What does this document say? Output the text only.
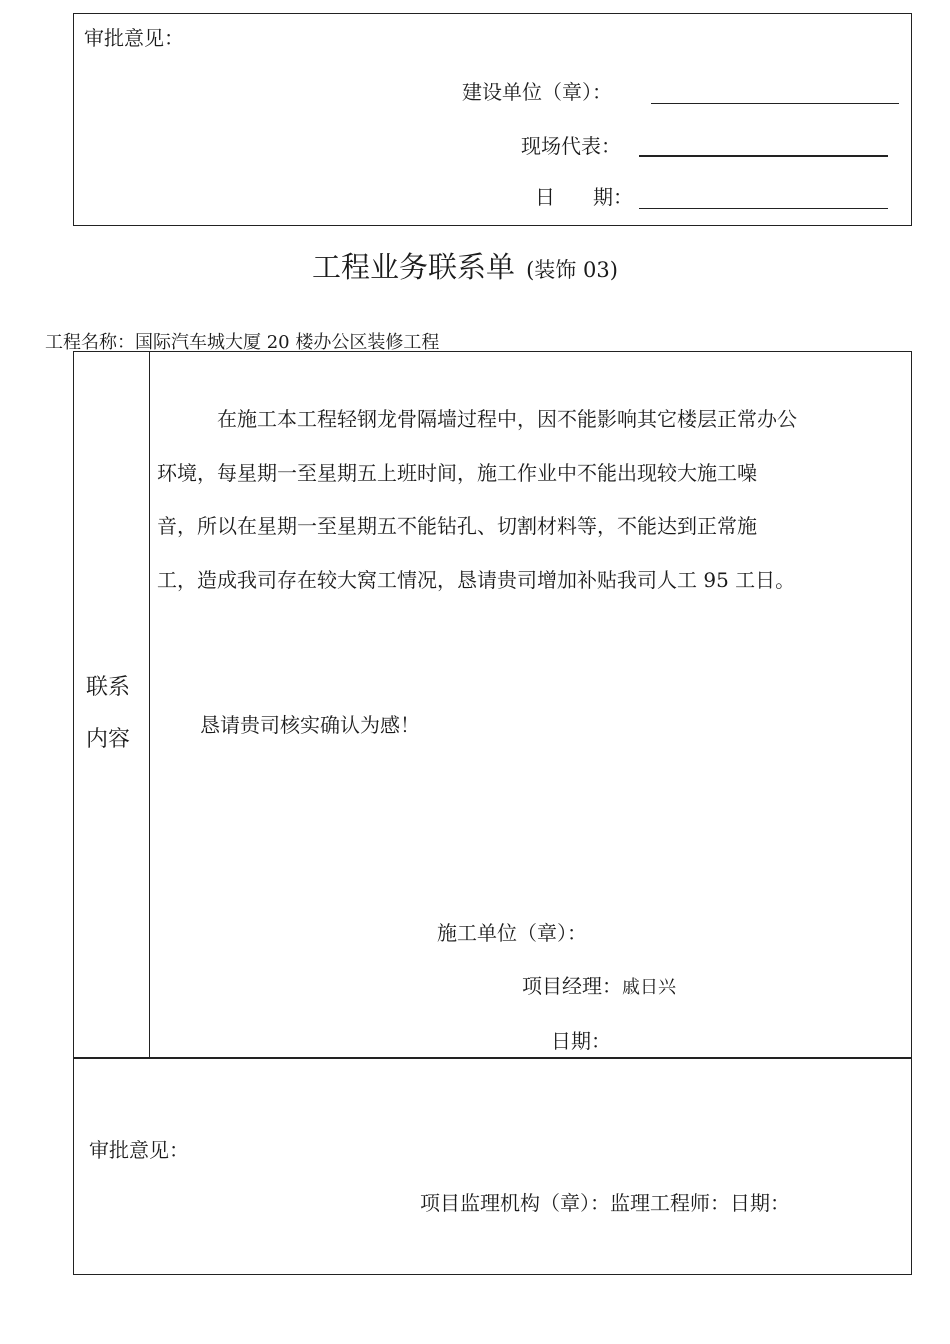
审批意见：
建设单位（章）：
现场代表：
日 期：
工程业务联系单 (装饰 03)
工程名称：国际汽车城大厦 20 楼办公区装修工程
联系
内容
在施工本工程轻钢龙骨隔墙过程中，因不能影响其它楼层正常办公
环境，每星期一至星期五上班时间，施工作业中不能出现较大施工噪
音，所以在星期一至星期五不能钻孔、切割材料等，不能达到正常施
工，造成我司存在较大窝工情况，恳请贵司增加补贴我司人工 95 工日。
恳请贵司核实确认为感！
施工单位（章）：
项目经理：戚日兴
日期：
审批意见：
项目监理机构（章）：监理工程师：日期：
